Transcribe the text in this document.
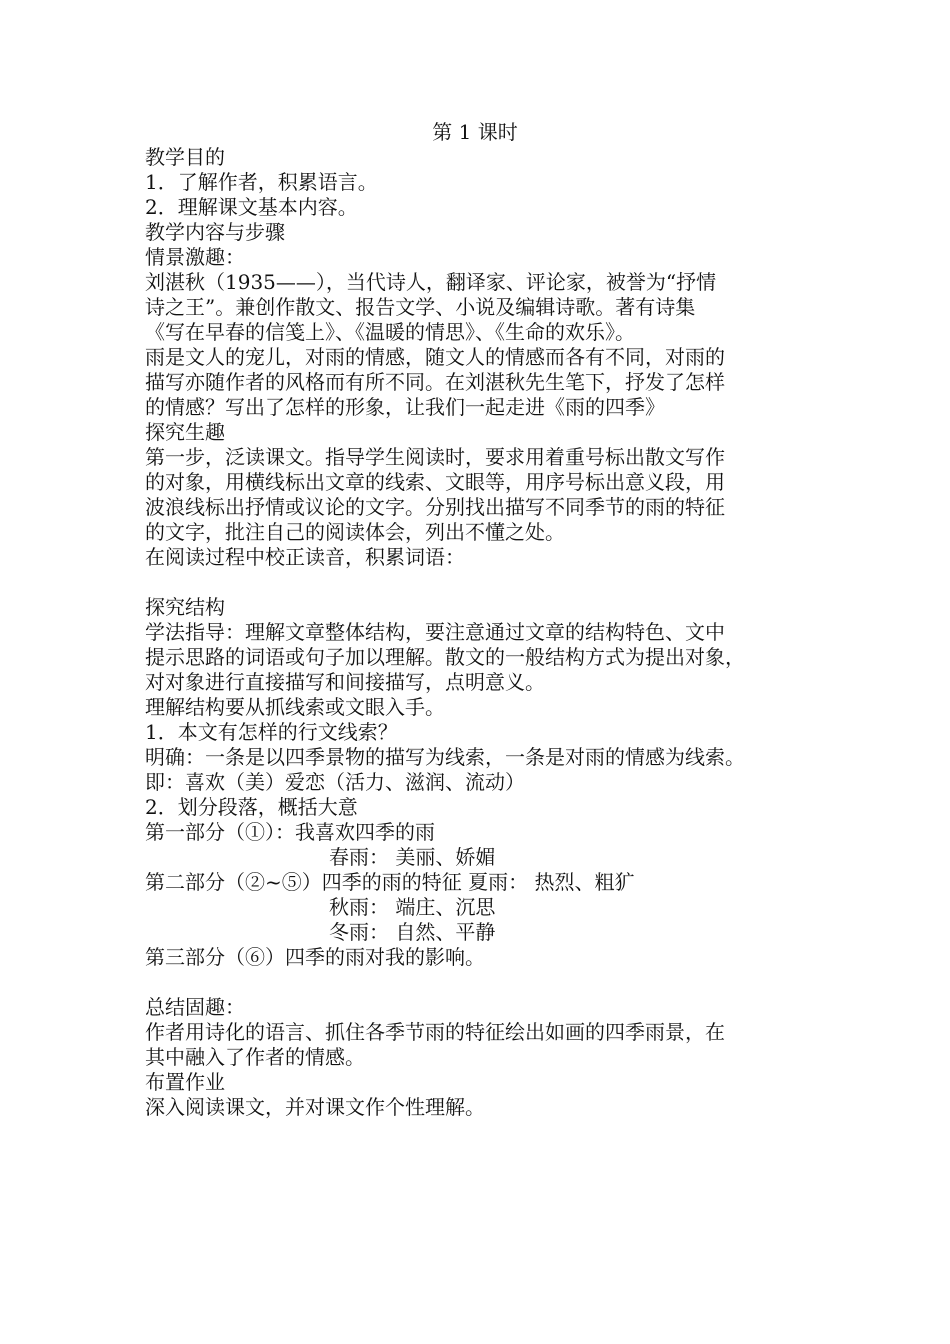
第 1 课时
教学目的
1．了解作者，积累语言。
2．理解课文基本内容。
教学内容与步骤
情景激趣：
刘湛秋（1935——），当代诗人，翻译家、评论家，被誉为“抒情
诗之王”。兼创作散文、报告文学、小说及编辑诗歌。著有诗集
《写在早春的信笺上》、《温暖的情思》、《生命的欢乐》。
雨是文人的宠儿，对雨的情感，随文人的情感而各有不同，对雨的
描写亦随作者的风格而有所不同。在刘湛秋先生笔下，抒发了怎样
的情感？写出了怎样的形象，让我们一起走进《雨的四季》
探究生趣
第一步，泛读课文。指导学生阅读时，要求用着重号标出散文写作
的对象，用横线标出文章的线索、文眼等，用序号标出意义段，用
波浪线标出抒情或议论的文字。分别找出描写不同季节的雨的特征
的文字，批注自己的阅读体会，列出不懂之处。
在阅读过程中校正读音，积累词语：
探究结构
学法指导：理解文章整体结构，要注意通过文章的结构特色、文中
提示思路的词语或句子加以理解。散文的一般结构方式为提出对象，
对对象进行直接描写和间接描写，点明意义。
理解结构要从抓线索或文眼入手。
1．本文有怎样的行文线索？
明确：一条是以四季景物的描写为线索，一条是对雨的情感为线索。
即：喜欢（美）爱恋（活力、滋润、流动）
2．划分段落，概括大意
第一部分（①）：我喜欢四季的雨
春雨： 美丽、娇媚
第二部分（②~⑤）四季的雨的特征 夏雨： 热烈、粗犷
秋雨： 端庄、沉思
冬雨： 自然、平静
第三部分（⑥）四季的雨对我的影响。
总结固趣：
作者用诗化的语言、抓住各季节雨的特征绘出如画的四季雨景，在
其中融入了作者的情感。
布置作业
深入阅读课文，并对课文作个性理解。
